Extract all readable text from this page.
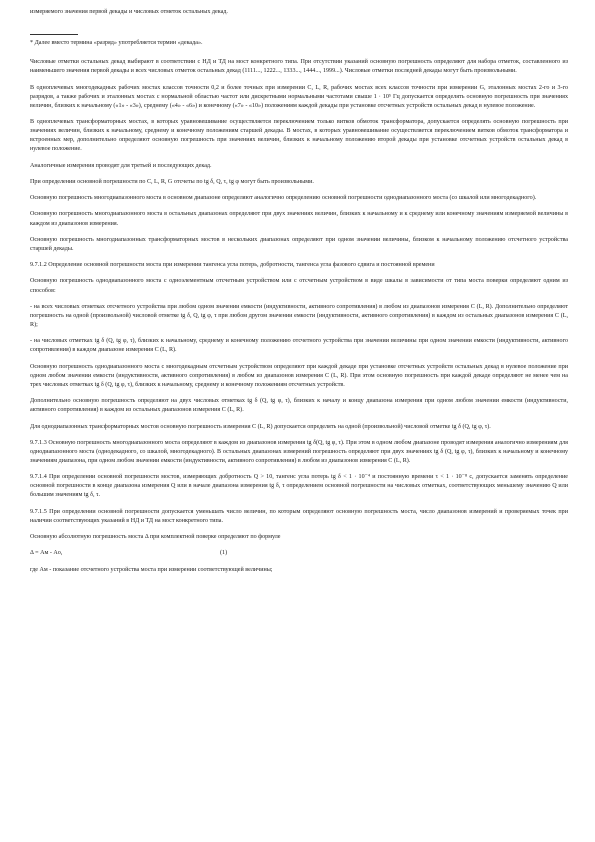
измеряемого значения первой декады и числовых отметок остальных декад.

* Далее вместо термина «разряд» употребляется термин «декада».

Числовые отметки остальных декад выбирают в соответствии с НД и ТД на мост конкретного типа. При отсутствии указаний основную погрешность определяют для набора отметок, составленного из наименьшего значения первой декады и всех числовых отметок остальных декад (1111..., 1222..., 1333..., 1444..., 1999...). Числовые отметки последней декады могут быть произвольными.

В одноплечевых многодекадных рабочих мостах классов точности 0,2 и более точных при измерении C, L, R, рабочих мостах всех классов точности при измерении G, эталонных мостах 2-го и 3-го разрядов, а также рабочих и эталонных мостах с нормальной областью частот или дискретными нормальными частотами свыше 1 · 10⁵ Гц допускается определять основную погрешность при значениях величин, близких к начальному («1» - «3»), среднему («4» - «6») и конечному («7» - «10») положениям каждой декады при установке отсчетных устройств остальных декад в нулевое положение.

В одноплечевых трансформаторных мостах, в которых уравновешивание осуществляется переключением только витков обмоток трансформатора, допускается определять основную погрешность при значениях величин, близких к начальному, среднему и конечному положениям старшей декады. В мостах, в которых уравновешивание осуществляется переключением витков обмоток трансформатора и встроенных мер, дополнительно определяют основную погрешность при значениях величин, близких к начальному положению второй декады при установке отсчетных устройств остальных декад в нулевое положение.

Аналогичные измерения проводят для третьей и последующих декад.

При определении основной погрешности по C, L, R, G отсчеты по tg δ, Q, τ, tg φ могут быть произвольными.

Основную погрешность многодиапазонного моста в основном диапазоне определяют аналогично определению основной погрешности однодиапазонного моста (со шкалой или многодекадного).

Основную погрешность многодиапазонного моста в остальных диапазонах определяют при двух значениях величин, близких к начальному и к среднему или конечному значениям измеряемой величины в каждом из диапазонов измерения.

Основную погрешность многодиапазонных трансформаторных мостов в нескольких диапазонах определяют при одном значении величины, близком к начальному положению отсчетного устройства старшей декады.

9.7.1.2 Определение основной погрешности моста при измерении тангенса угла потерь, добротности, тангенса угла фазового сдвига и постоянной времени

Основную погрешность однодиапазонного моста с одноэлементным отсчетным устройством или с отсчетным устройством в виде шкалы в зависимости от типа моста поверки определяют одним из способов:

- на всех числовых отметках отсчетного устройства при любом одном значении емкости (индуктивности, активного сопротивления) в любом из диапазонов измерения C (L, R). Дополнительно определяют погрешность на одной (произвольной) числовой отметке tg δ, Q, tg φ, τ при любом другом значении емкости (индуктивности, активного сопротивления) в каждом из остальных диапазонов измерения C (L, R);

- на числовых отметках tg δ (Q, tg φ, τ), близких к начальному, среднему и конечному положению отсчетного устройства при значении величины при одном значении емкости (индуктивности, активного сопротивления) в каждом диапазоне измерения C (L, R).

Основную погрешность однодиапазонного моста с многодекадным отсчетным устройством определяют при каждой декаде при установке отсчетных устройств остальных декад в нулевое положение при одном любом значении емкости (индуктивности, активного сопротивления) в любом из диапазонов измерения C (L, R). При этом основную погрешность при каждой декаде определяют не менее чем на трех числовых отметках tg δ (Q, tg φ, τ), близких к начальному, среднему и конечному положениям отсчетных устройств.

Дополнительно основную погрешность определяют на двух числовых отметках tg δ (Q, tg φ, τ), близких к началу и концу диапазона измерения при одном любом значении емкости (индуктивности, активного сопротивления) в каждом из остальных диапазонов измерения C (L, R).

Для однодиапазонных трансформаторных мостов основную погрешность измерения C (L, R) допускается определять на одной (произвольной) числовой отметке tg δ (Q, tg φ, τ).

9.7.1.3 Основную погрешность многодиапазонного моста определяют в каждом из диапазонов измерения tg δ(Q, tg φ, τ). При этом в одном любом диапазоне проводят измерения аналогично измерениям для однодиапазонного моста (однодекадного, со шкалой, многодекадного). В остальных диапазонах измерений погрешность определяют при двух значениях tg δ (Q, tg φ, τ), близких к начальному и конечному значениям диапазона, при одном любом значении емкости (индуктивности, активного сопротивления) в любом из диапазонов измерения C (L, R).

9.7.1.4 При определении основной погрешности мостов, измеряющих добротность Q > 10, тангенс угла потерь tg δ < 1 · 10⁻⁴ и постоянную времени τ < 1 · 10⁻⁸ с, допускается заменять определение основной погрешности в конце диапазона измерения Q или в начале диапазона измерения tg δ, τ определением основной погрешности на числовых отметках, соответствующих меньшему значению Q или большим значениям tg δ, τ.

9.7.1.5 При определении основной погрешности допускается уменьшать число величин, по которым определяют основную погрешность моста, число диапазонов измерений и проверяемых точек при наличии соответствующих указаний в НД и ТД на мост конкретного типа.

Основную абсолютную погрешность моста Δ при комплектной поверке определяют по формуле

Δ = Aм - Aо,	(1)

где Aм - показание отсчетного устройства моста при измерении соответствующей величины;
